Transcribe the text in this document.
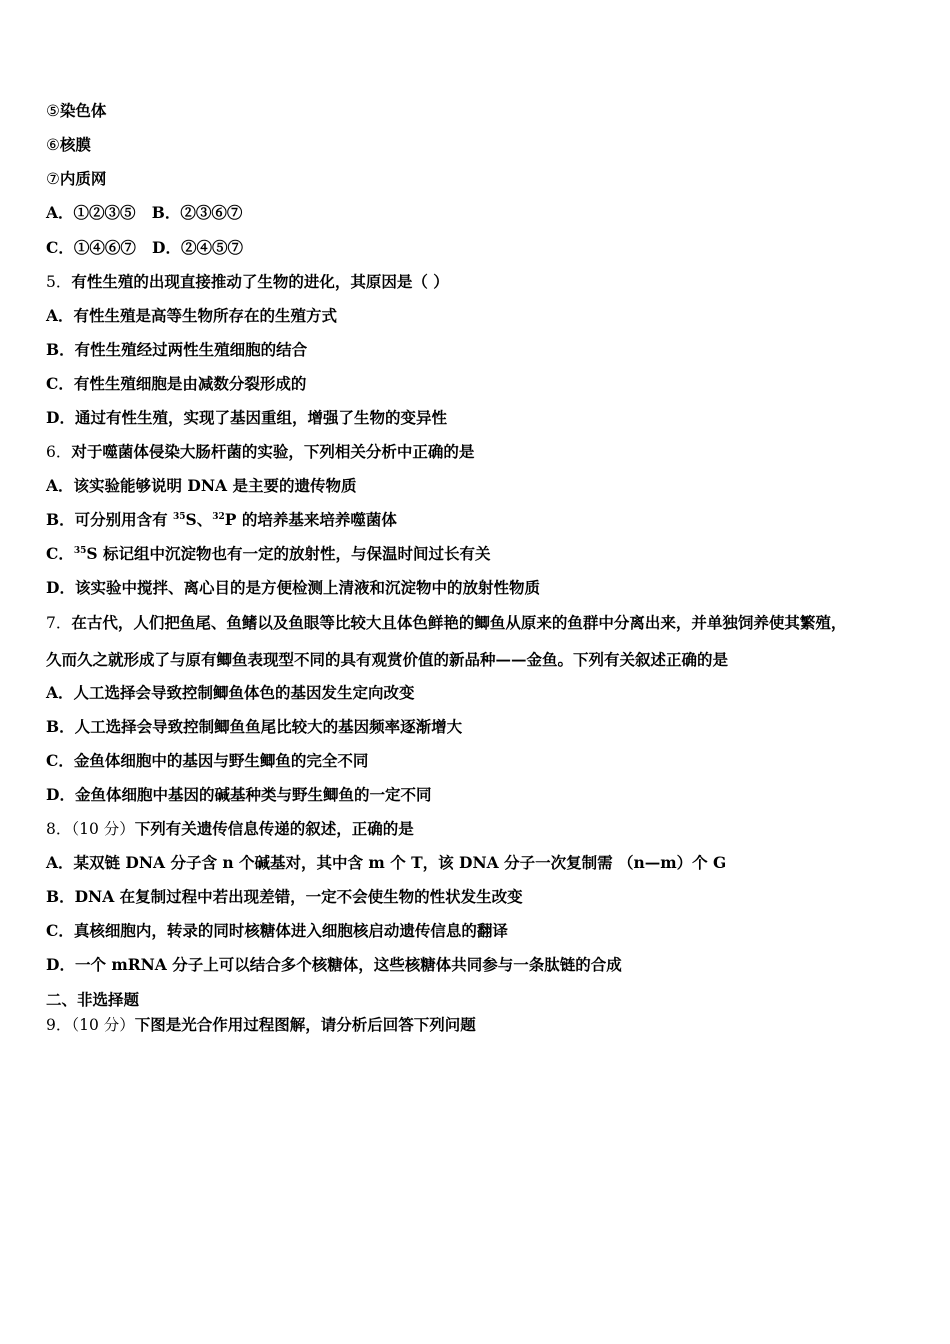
⑤染色体
⑥核膜
⑦内质网
A．①②③⑤   B．②③⑥⑦
C．①④⑥⑦   D．②④⑤⑦
5．有性生殖的出现直接推动了生物的进化，其原因是（ ）
A．有性生殖是高等生物所存在的生殖方式
B．有性生殖经过两性生殖细胞的结合
C．有性生殖细胞是由减数分裂形成的
D．通过有性生殖，实现了基因重组，增强了生物的变异性
6．对于噬菌体侵染大肠杆菌的实验，下列相关分析中正确的是
A．该实验能够说明 DNA 是主要的遗传物质
B．可分别用含有 $^{35}$S、$^{32}$P 的培养基来培养噬菌体
C．$^{35}$S 标记组中沉淀物也有一定的放射性，与保温时间过长有关
D．该实验中搅拌、离心目的是方便检测上清液和沉淀物中的放射性物质
7．在古代，人们把鱼尾、鱼鳍以及鱼眼等比较大且体色鲜艳的鲫鱼从原来的鱼群中分离出来，并单独饲养使其繁殖，
久而久之就形成了与原有鲫鱼表现型不同的具有观赏价值的新品种——金鱼。下列有关叙述正确的是
A．人工选择会导致控制鲫鱼体色的基因发生定向改变
B．人工选择会导致控制鲫鱼鱼尾比较大的基因频率逐渐增大
C．金鱼体细胞中的基因与野生鲫鱼的完全不同
D．金鱼体细胞中基因的碱基种类与野生鲫鱼的一定不同
8．（10 分）下列有关遗传信息传递的叙述，正确的是
A．某双链 DNA 分子含 n 个碱基对，其中含 m 个 T，该 DNA 分子一次复制需 （n—m）个 G
B．DNA 在复制过程中若出现差错，一定不会使生物的性状发生改变
C．真核细胞内，转录的同时核糖体进入细胞核启动遗传信息的翻译
D．一个 mRNA 分子上可以结合多个核糖体，这些核糖体共同参与一条肽链的合成
二、非选择题
9．（10 分）下图是光合作用过程图解，请分析后回答下列问题
